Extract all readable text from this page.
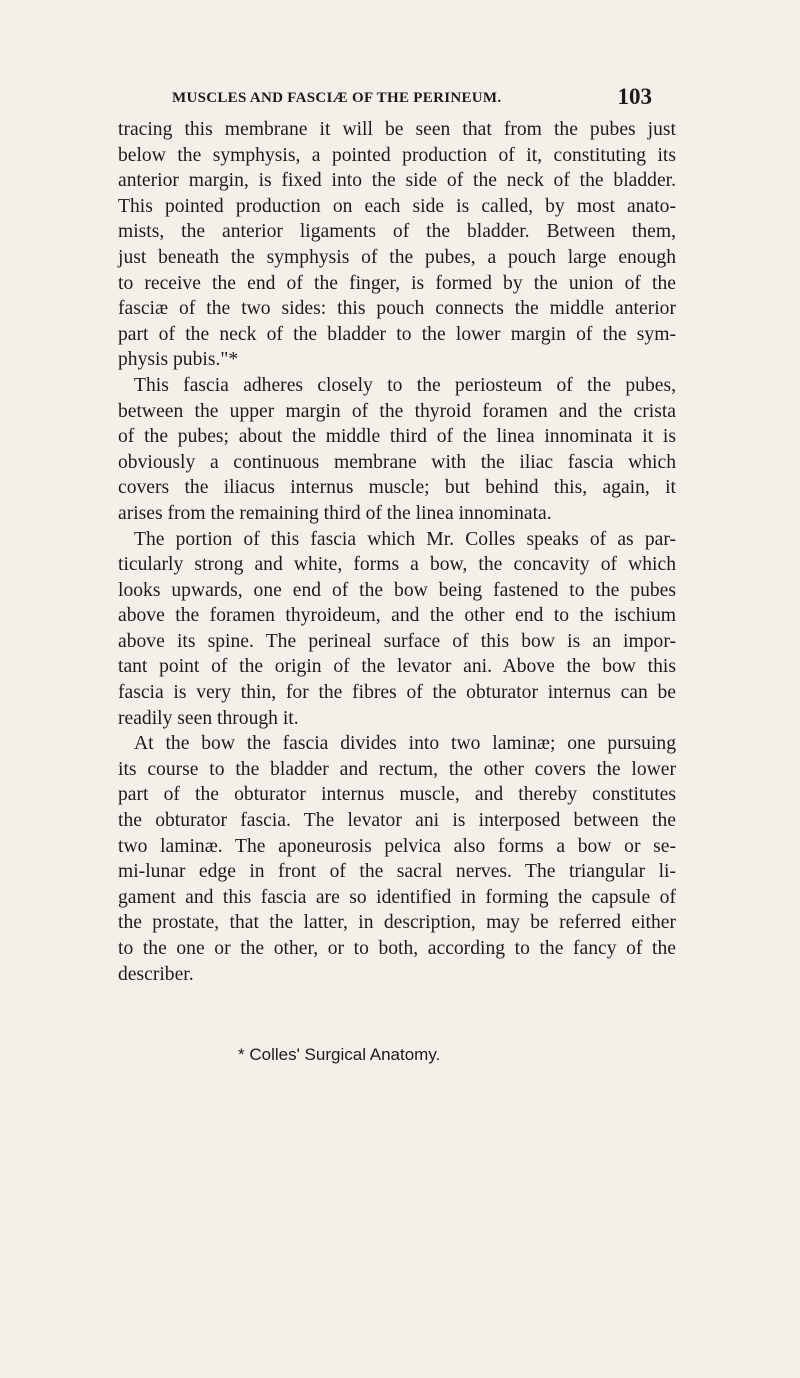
MUSCLES AND FASCIÆ OF THE PERINEUM.	103
tracing this membrane it will be seen that from the pubes just
below the symphysis, a pointed production of it, constituting its
anterior margin, is fixed into the side of the neck of the bladder.
This pointed production on each side is called, by most anato-
mists, the anterior ligaments of the bladder. Between them,
just beneath the symphysis of the pubes, a pouch large enough
to receive the end of the finger, is formed by the union of the
fasciæ of the two sides: this pouch connects the middle anterior
part of the neck of the bladder to the lower margin of the sym-
physis pubis."*
This fascia adheres closely to the periosteum of the pubes,
between the upper margin of the thyroid foramen and the crista
of the pubes; about the middle third of the linea innominata it is
obviously a continuous membrane with the iliac fascia which
covers the iliacus internus muscle; but behind this, again, it
arises from the remaining third of the linea innominata.
The portion of this fascia which Mr. Colles speaks of as par-
ticularly strong and white, forms a bow, the concavity of which
looks upwards, one end of the bow being fastened to the pubes
above the foramen thyroideum, and the other end to the ischium
above its spine. The perineal surface of this bow is an impor-
tant point of the origin of the levator ani. Above the bow this
fascia is very thin, for the fibres of the obturator internus can be
readily seen through it.
At the bow the fascia divides into two laminæ; one pursuing
its course to the bladder and rectum, the other covers the lower
part of the obturator internus muscle, and thereby constitutes
the obturator fascia. The levator ani is interposed between the
two laminæ. The aponeurosis pelvica also forms a bow or se-
mi-lunar edge in front of the sacral nerves. The triangular li-
gament and this fascia are so identified in forming the capsule of
the prostate, that the latter, in description, may be referred either
to the one or the other, or to both, according to the fancy of the
describer.
* Colles' Surgical Anatomy.
